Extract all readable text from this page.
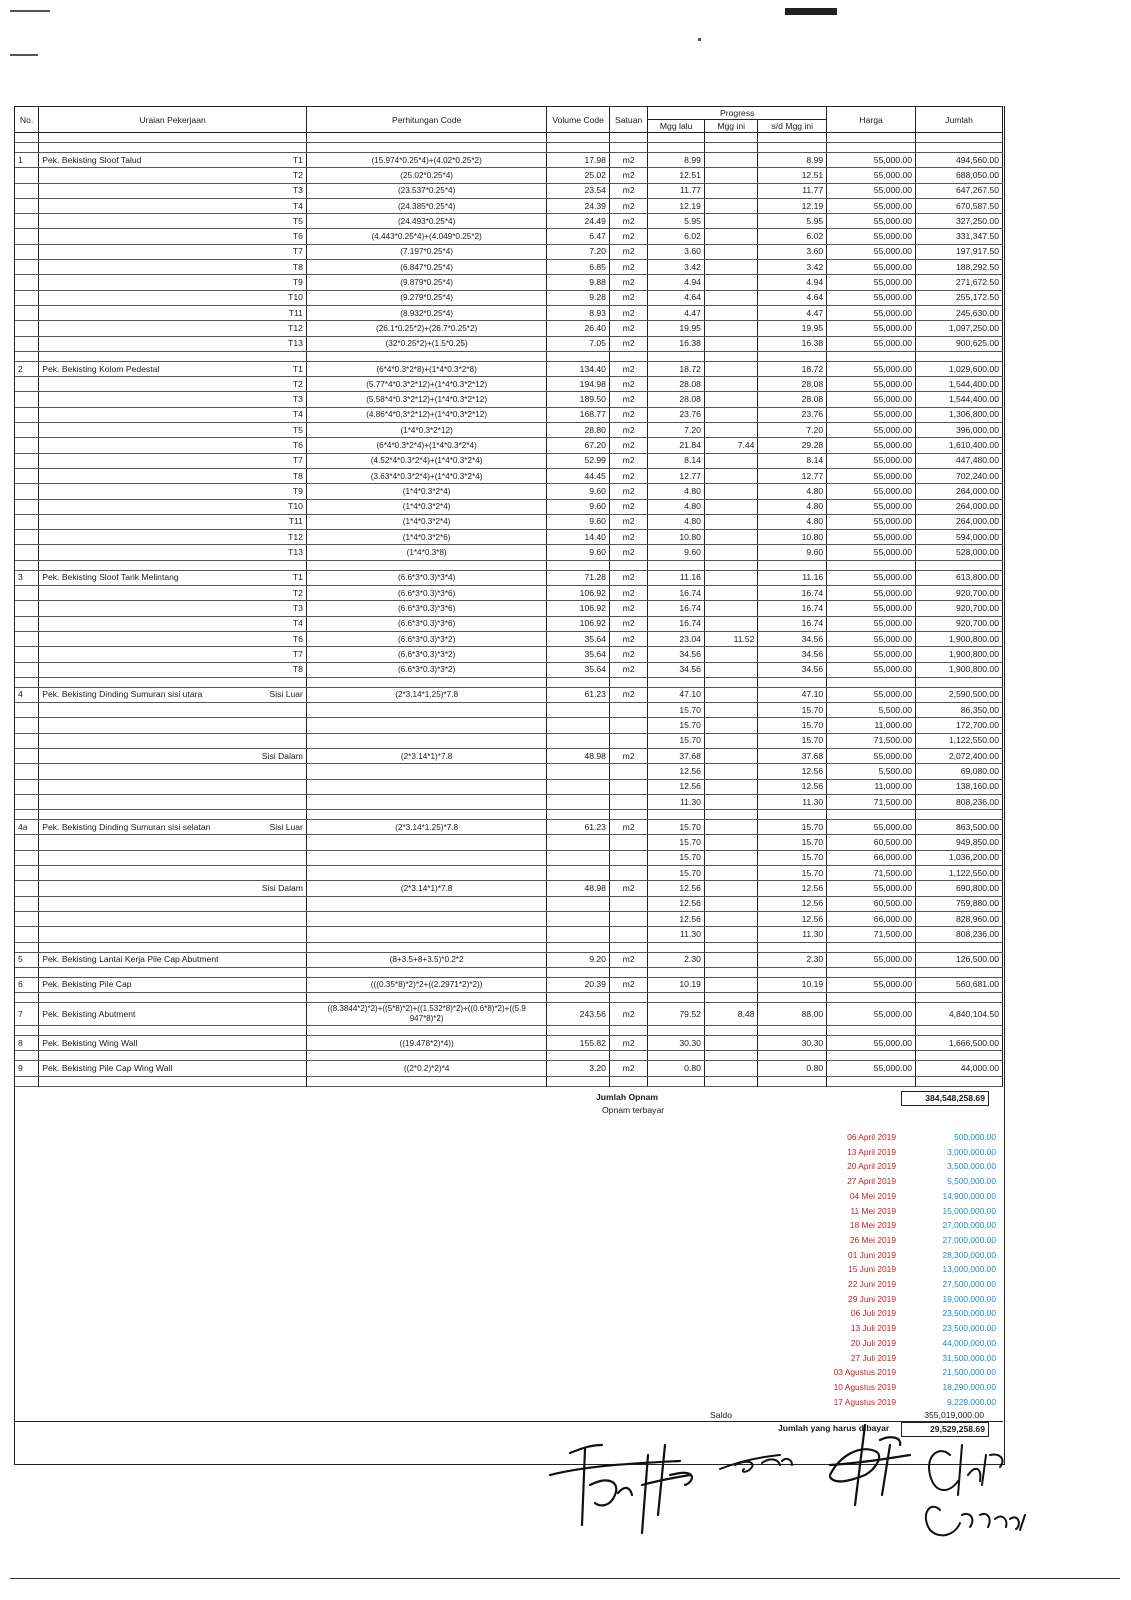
No.	Uraian Pekerjaan		Perhitungan Code	Volume Code	Satuan	Progress			Harga	Jumlah
						Mgg lalu	Mgg ini	s/d Mgg ini		

1	Pek. Bekisting Sloof Talud	T1	(15.974*0.25*4)+(4.02*0.25*2)	17.98	m2	8.99		8.99	55,000.00	494,560.00
		T2	(25.02*0.25*4)	25.02	m2	12.51		12.51	55,000.00	688,050.00
		T3	(23.537*0.25*4)	23.54	m2	11.77		11.77	55,000.00	647,267.50
		T4	(24.385*0.25*4)	24.39	m2	12.19		12.19	55,000.00	670,587.50
		T5	(24.493*0.25*4)	24.49	m2	5.95		5.95	55,000.00	327,250.00
		T6	(4.443*0.25*4)+(4.049*0.25*2)	6.47	m2	6.02		6.02	55,000.00	331,347.50
		T7	(7.197*0.25*4)	7.20	m2	3.60		3.60	55,000.00	197,917.50
		T8	(6.847*0.25*4)	6.85	m2	3.42		3.42	55,000.00	188,292.50
		T9	(9.879*0.25*4)	9.88	m2	4.94		4.94	55,000.00	271,672.50
		T10	(9.279*0.25*4)	9.28	m2	4.64		4.64	55,000.00	255,172.50
		T11	(8.932*0.25*4)	8.93	m2	4.47		4.47	55,000.00	245,630.00
		T12	(26.1*0.25*2)+(26.7*0.25*2)	26.40	m2	19.95		19.95	55,000.00	1,097,250.00
		T13	(32*0.25*2)+(1.5*0.25)	7.05	m2	16.38		16.38	55,000.00	900,625.00

2	Pek. Bekisting Kolom Pedestal	T1	(6*4*0.3*2*8)+(1*4*0.3*2*8)	134.40	m2	18.72		18.72	55,000.00	1,029,600.00
		T2	(5.77*4*0.3*2*12)+(1*4*0.3*2*12)	194.98	m2	28.08		28.08	55,000.00	1,544,400.00
		T3	(5.58*4*0.3*2*12)+(1*4*0.3*2*12)	189.50	m2	28.08		28.08	55,000.00	1,544,400.00
		T4	(4.86*4*0.3*2*12)+(1*4*0.3*2*12)	168.77	m2	23.76		23.76	55,000.00	1,306,800.00
		T5	(1*4*0.3*2*12)	28.80	m2	7.20		7.20	55,000.00	396,000.00
		T6	(6*4*0.3*2*4)+(1*4*0.3*2*4)	67.20	m2	21.84	7.44	29.28	55,000.00	1,610,400.00
		T7	(4.52*4*0.3*2*4)+(1*4*0.3*2*4)	52.99	m2	8.14		8.14	55,000.00	447,480.00
		T8	(3.63*4*0.3*2*4)+(1*4*0.3*2*4)	44.45	m2	12.77		12.77	55,000.00	702,240.00
		T9	(1*4*0.3*2*4)	9.60	m2	4.80		4.80	55,000.00	264,000.00
		T10	(1*4*0.3*2*4)	9.60	m2	4.80		4.80	55,000.00	264,000.00
		T11	(1*4*0.3*2*4)	9.60	m2	4.80		4.80	55,000.00	264,000.00
		T12	(1*4*0.3*2*6)	14.40	m2	10.80		10.80	55,000.00	594,000.00
		T13	(1*4*0.3*8)	9.60	m2	9.60		9.60	55,000.00	528,000.00

3	Pek. Bekisting Sloof Tarik Melintang	T1	(6.6*3*0.3)*3*4)	71.28	m2	11.16		11.16	55,000.00	613,800.00
		T2	(6.6*3*0.3)*3*6)	106.92	m2	16.74		16.74	55,000.00	920,700.00
		T3	(6.6*3*0.3)*3*6)	106.92	m2	16.74		16.74	55,000.00	920,700.00
		T4	(6.6*3*0.3)*3*6)	106.92	m2	16.74		16.74	55,000.00	920,700.00
		T6	(6.6*3*0.3)*3*2)	35.64	m2	23.04	11.52	34.56	55,000.00	1,900,800.00
		T7	(6.6*3*0.3)*3*2)	35.64	m2	34.56		34.56	55,000.00	1,900,800.00
		T8	(6.6*3*0.3)*3*2)	35.64	m2	34.56		34.56	55,000.00	1,900,800.00

4	Pek. Bekisting Dinding Sumuran sisi utara	Sisi Luar	(2*3.14*1.25)*7.8	61.23	m2	47.10		47.10	55,000.00	2,590,500.00
						15.70		15.70	5,500.00	86,350.00
						15.70		15.70	11,000.00	172,700.00
						15.70		15.70	71,500.00	1,122,550.00
		Sisi Dalam	(2*3.14*1)*7.8	48.98	m2	37.68		37.68	55,000.00	2,072,400.00
						12.56		12.56	5,500.00	69,080.00
						12.56		12.56	11,000.00	138,160.00
						11.30		11.30	71,500.00	808,236.00

4a	Pek. Bekisting Dinding Sumuran sisi selatan	Sisi Luar	(2*3.14*1.25)*7.8	61.23	m2	15.70		15.70	55,000.00	863,500.00
						15.70		15.70	60,500.00	949,850.00
						15.70		15.70	66,000.00	1,036,200.00
						15.70		15.70	71,500.00	1,122,550.00
		Sisi Dalam	(2*3.14*1)*7.8	48.98	m2	12.56		12.56	55,000.00	690,800.00
						12.56		12.56	60,500.00	759,880.00
						12.56		12.56	66,000.00	828,960.00
						11.30		11.30	71,500.00	808,236.00

5	Pek. Bekisting Lantai Kerja Pile Cap Abutment		(8+3.5+8+3.5)*0.2*2	9.20	m2	2.30		2.30	55,000.00	126,500.00

6	Pek. Bekisting Pile Cap		(((0.35*8)*2)*2+((2.2971*2)*2))	20.39	m2	10.19		10.19	55,000.00	560,681.00

7	Pek. Bekisting Abutment		((8.3844*2)*2)+((5*8)*2)+((1.532*8)*2)+((0.6*8)*2)+((5.9 947*8)*2)	243.56	m2	79.52	8.48	88.00	55,000.00	4,840,104.50

8	Pek. Bekisting Wing Wall		((19.478*2)*4))	155.82	m2	30.30		30.30	55,000.00	1,666,500.00

9	Pek. Bekisting Pile Cap Wing Wall		((2*0.2)*2)*4	3.20	m2	0.80		0.80	55,000.00	44,000.00

Jumlah Opnam	384,548,258.69
Opnam terbayar
06 April 2019	500,000.00
13 April 2019	3,000,000.00
20 April 2019	3,500,000.00
27 April 2019	5,500,000.00
04 Mei 2019	14,900,000.00
11 Mei 2019	15,000,000.00
18 Mei 2019	27,000,000.00
26 Mei 2019	27,000,000.00
01 Juni 2019	28,300,000.00
15 Juni 2019	13,000,000.00
22 Juni 2019	27,500,000.00
29 Juni 2019	19,000,000.00
06 Juli 2019	23,500,000.00
13 Juli 2019	23,500,000.00
20 Juli 2019	44,000,000.00
27 Juli 2019	31,500,000.00
03 Agustus 2019	21,500,000.00
10 Agustus 2019	18,290,000.00
17 Agustus 2019	9,229,000.00
Saldo	355,019,000.00
Jumlah yang harus dibayar	29,529,258.69
